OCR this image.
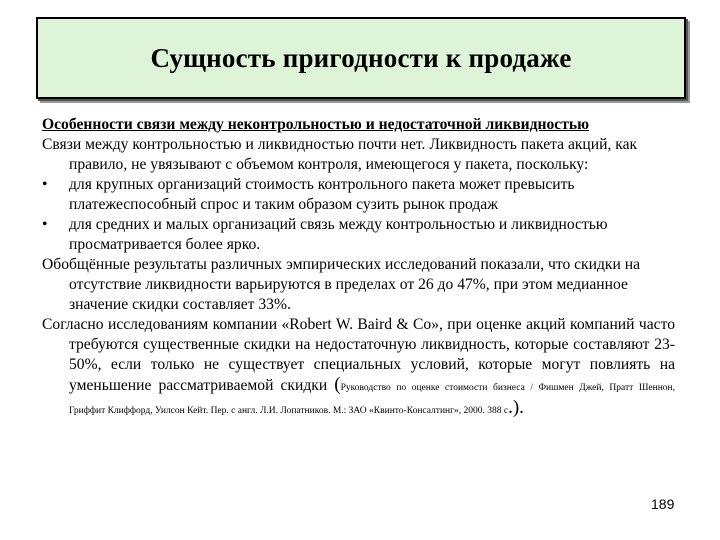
Сущность пригодности к продаже

Особенности связи между неконтрольностью и недостаточной ликвидностью

Связи между контрольностью и ликвидностью почти нет. Ликвидность пакета акций, как правило, не увязывают с объемом контроля, имеющегося у пакета, поскольку:

• для крупных организаций стоимость контрольного пакета может превысить платежеспособный спрос и таким образом сузить рынок продаж

• для средних и малых организаций связь между контрольностью и ликвидностью просматривается более ярко.

Обобщённые результаты различных эмпирических исследований показали, что скидки на отсутствие ликвидности варьируются в пределах от 26 до 47%, при этом медианное значение скидки составляет 33%.

Согласно исследованиям компании «Robert W. Baird & Co», при оценке акций компаний часто требуются существенные скидки на недостаточную ликвидность, которые составляют 23-50%, если только не существует специальных условий, которые могут повлиять на уменьшение рассматриваемой скидки (Руководство по оценке стоимости бизнеса / Фишмен Джей, Пратт Шеннон, Гриффит Клиффорд, Уилсон Кейт. Пер. с англ. Л.И. Лопатников. М.: ЗАО «Квинто-Консалтинг», 2000. 388 с.).

189
